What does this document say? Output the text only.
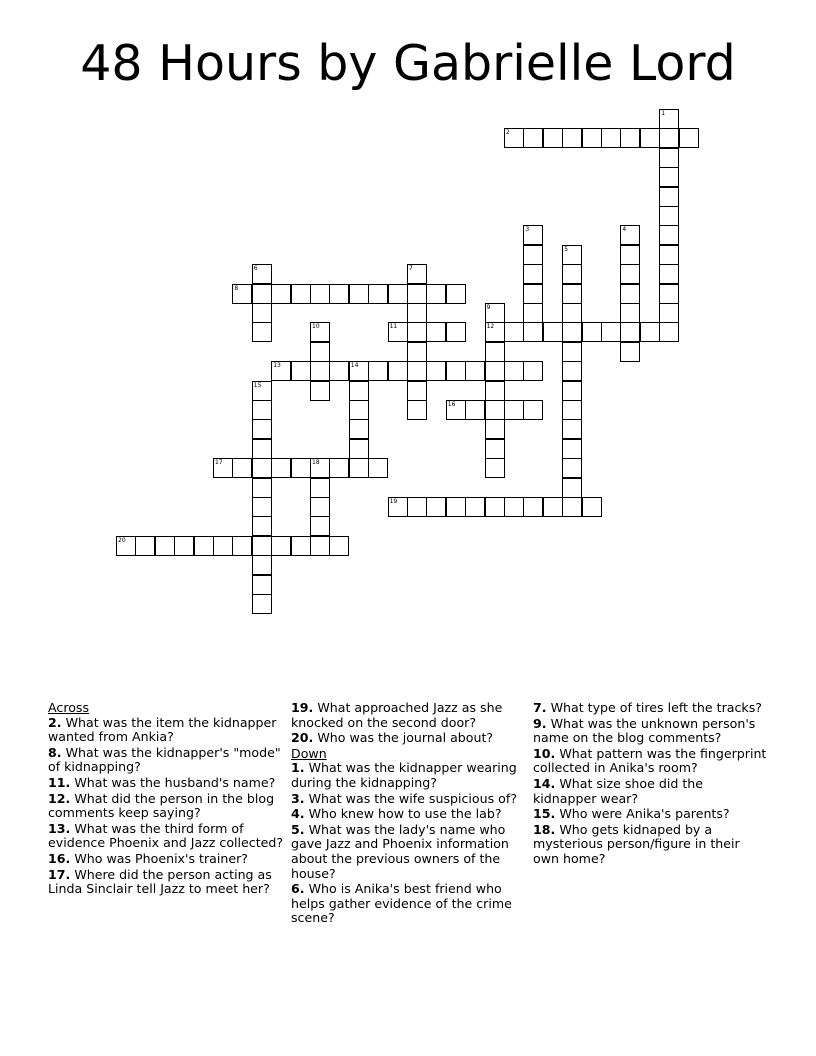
48 Hours by Gabrielle Lord
1
2
3	4
5
6	7
8
9
12
10	11
13	14
15
16
17	18
19
20
Across
2. What was the item the kidnapper wanted from Ankia?
8. What was the kidnapper's "mode" of kidnapping?
11. What was the husband's name?
12. What did the person in the blog comments keep saying?
13. What was the third form of evidence Phoenix and Jazz collected?
16. Who was Phoenix's trainer?
17. Where did the person acting as Linda Sinclair tell Jazz to meet her?
19. What approached Jazz as she knocked on the second door?
20. Who was the journal about?
Down
1. What was the kidnapper wearing during the kidnapping?
3. What was the wife suspicious of?
4. Who knew how to use the lab?
5. What was the lady's name who gave Jazz and Phoenix information about the previous owners of the house?
6. Who is Anika's best friend who helps gather evidence of the crime scene?
7. What type of tires left the tracks?
9. What was the unknown person's name on the blog comments?
10. What pattern was the fingerprint collected in Anika's room?
14. What size shoe did the kidnapper wear?
15. Who were Anika's parents?
18. Who gets kidnaped by a mysterious person/figure in their own home?
